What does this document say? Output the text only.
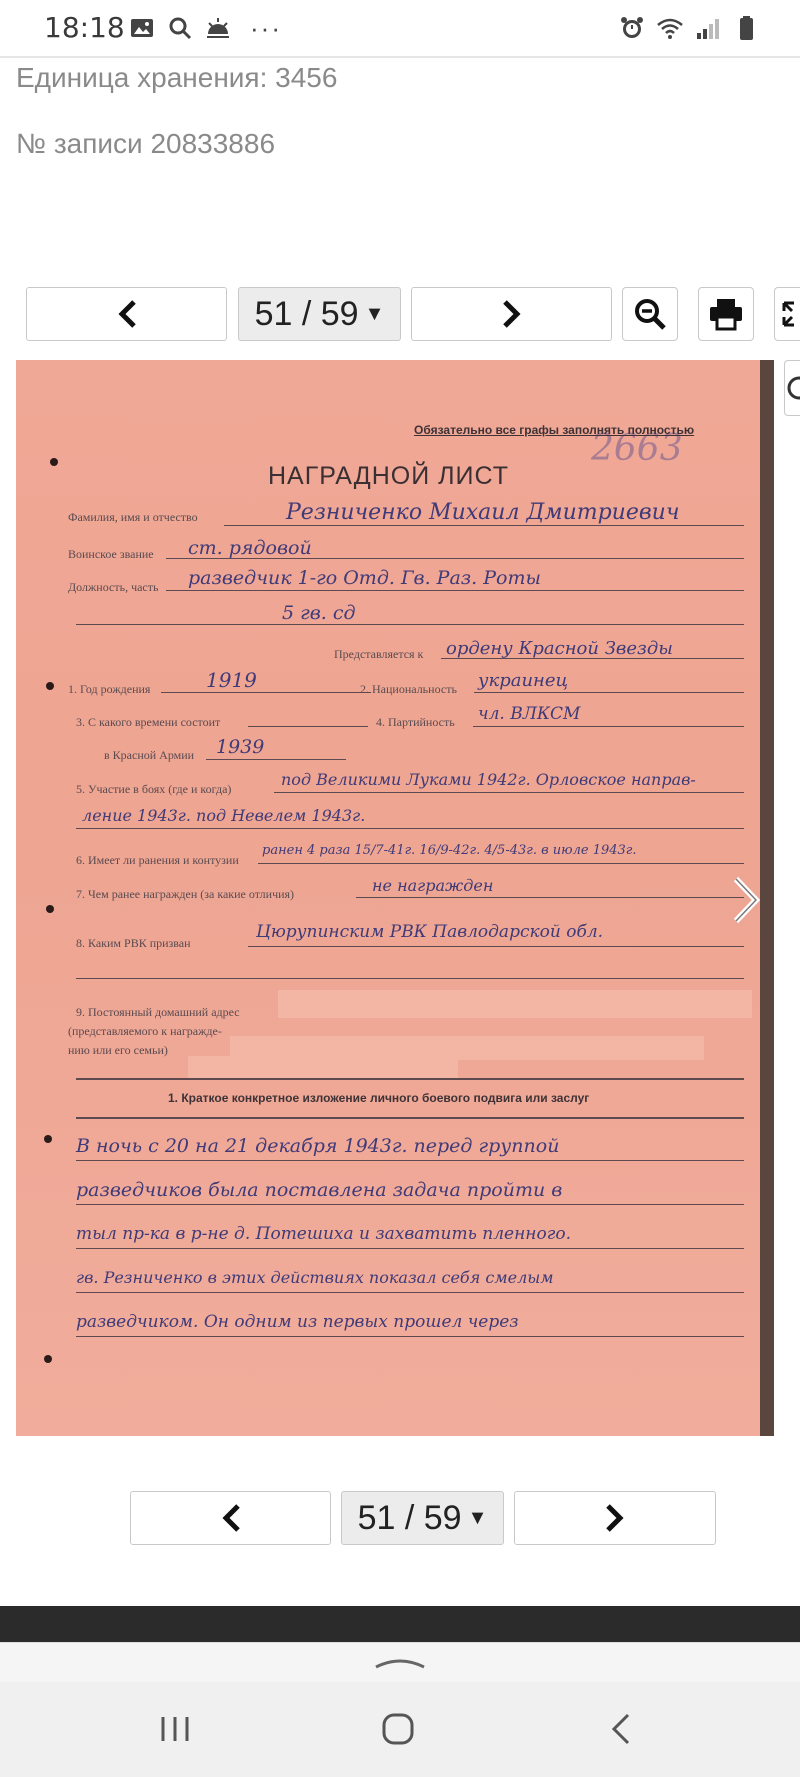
18:18	···
Единица хранения: 3456
№ записи 20833886
51 / 59 ▼
2663
Обязательно все графы заполнять полностью
НАГРАДНОЙ ЛИСТ
Фамилия, имя и отчество	Резниченко Михаил Дмитриевич
Воинское звание ст. рядовой
Должность, часть разведчик 1-го Отд. Гв. Раз. Роты
5 гв. сд
Представляется к ордену Красной Звезды
1. Год рождения	1919	2. Национальность украинец
3. С какого времени состоит	4. Партийность чл. ВЛКСМ
в Красной Армии 1939
5. Участие в боях (где и когда)	под Великими Луками 1942г. Орловское направ-
ление 1943г. под Невелем 1943г.
6. Имеет ли ранения и контузии
ранен 4 раза 15/7-41г. 16/9-42г. 4/5-43г. в июле 1943г.
7. Чем ранее награжден (за какие отличия)	не награжден
8. Каким РВК призван
Цюрупинским РВК Павлодарской обл.
9. Постоянный домашний адрес
(представляемого к награжде-
нию или его семьи)
1. Краткое конкретное изложение личного боевого подвига или заслуг
В ночь с 20 на 21 декабря 1943г. перед группой
разведчиков была поставлена задача пройти в
тыл пр-ка в р-не д. Потешиха и захватить пленного.
гв. Резниченко в этих действиях показал себя смелым
разведчиком. Он одним из первых прошел через
51 / 59 ▼
